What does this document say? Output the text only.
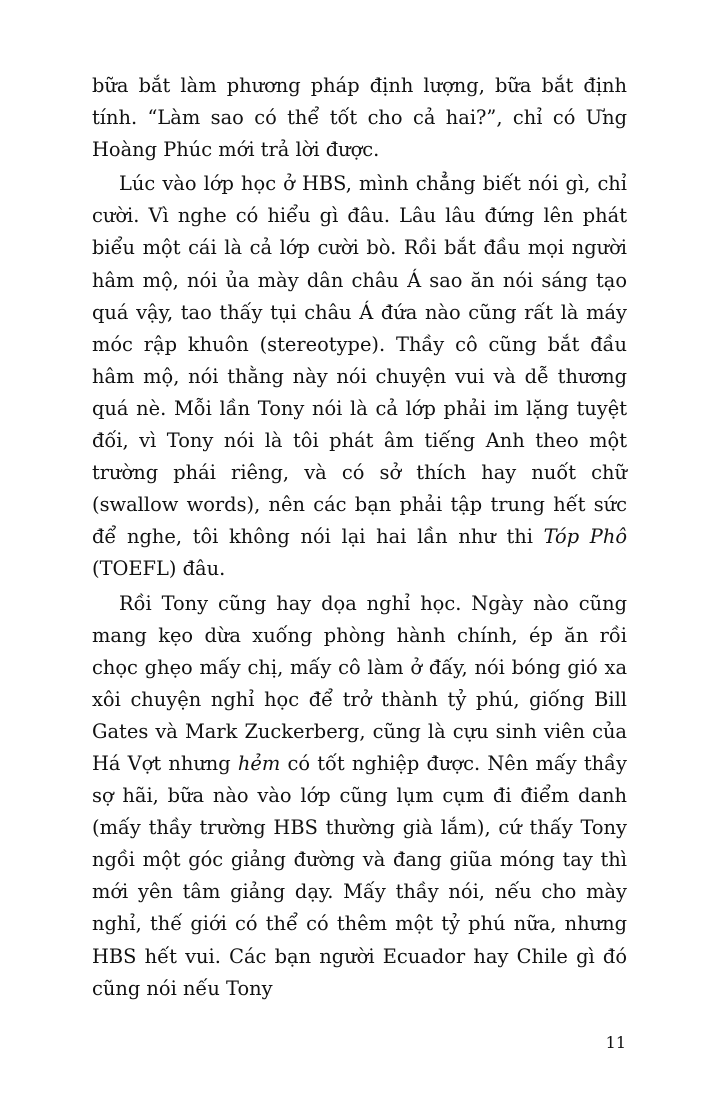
bữa bắt làm phương pháp định lượng, bữa bắt định tính. “Làm sao có thể tốt cho cả hai?”, chỉ có Ưng Hoàng Phúc mới trả lời được.

Lúc vào lớp học ở HBS, mình chẳng biết nói gì, chỉ cười. Vì nghe có hiểu gì đâu. Lâu lâu đứng lên phát biểu một cái là cả lớp cười bò. Rồi bắt đầu mọi người hâm mộ, nói ủa mày dân châu Á sao ăn nói sáng tạo quá vậy, tao thấy tụi châu Á đứa nào cũng rất là máy móc rập khuôn (stereotype). Thầy cô cũng bắt đầu hâm mộ, nói thằng này nói chuyện vui và dễ thương quá nè. Mỗi lần Tony nói là cả lớp phải im lặng tuyệt đối, vì Tony nói là tôi phát âm tiếng Anh theo một trường phái riêng, và có sở thích hay nuốt chữ (swallow words), nên các bạn phải tập trung hết sức để nghe, tôi không nói lại hai lần như thi Tóp Phô (TOEFL) đâu.

Rồi Tony cũng hay dọa nghỉ học. Ngày nào cũng mang kẹo dừa xuống phòng hành chính, ép ăn rồi chọc ghẹo mấy chị, mấy cô làm ở đấy, nói bóng gió xa xôi chuyện nghỉ học để trở thành tỷ phú, giống Bill Gates và Mark Zuckerberg, cũng là cựu sinh viên của Há Vợt nhưng hẻm có tốt nghiệp được. Nên mấy thầy sợ hãi, bữa nào vào lớp cũng lụm cụm đi điểm danh (mấy thầy trường HBS thường già lắm), cứ thấy Tony ngồi một góc giảng đường và đang giũa móng tay thì mới yên tâm giảng dạy. Mấy thầy nói, nếu cho mày nghỉ, thế giới có thể có thêm một tỷ phú nữa, nhưng HBS hết vui. Các bạn người Ecuador hay Chile gì đó cũng nói nếu Tony

11
